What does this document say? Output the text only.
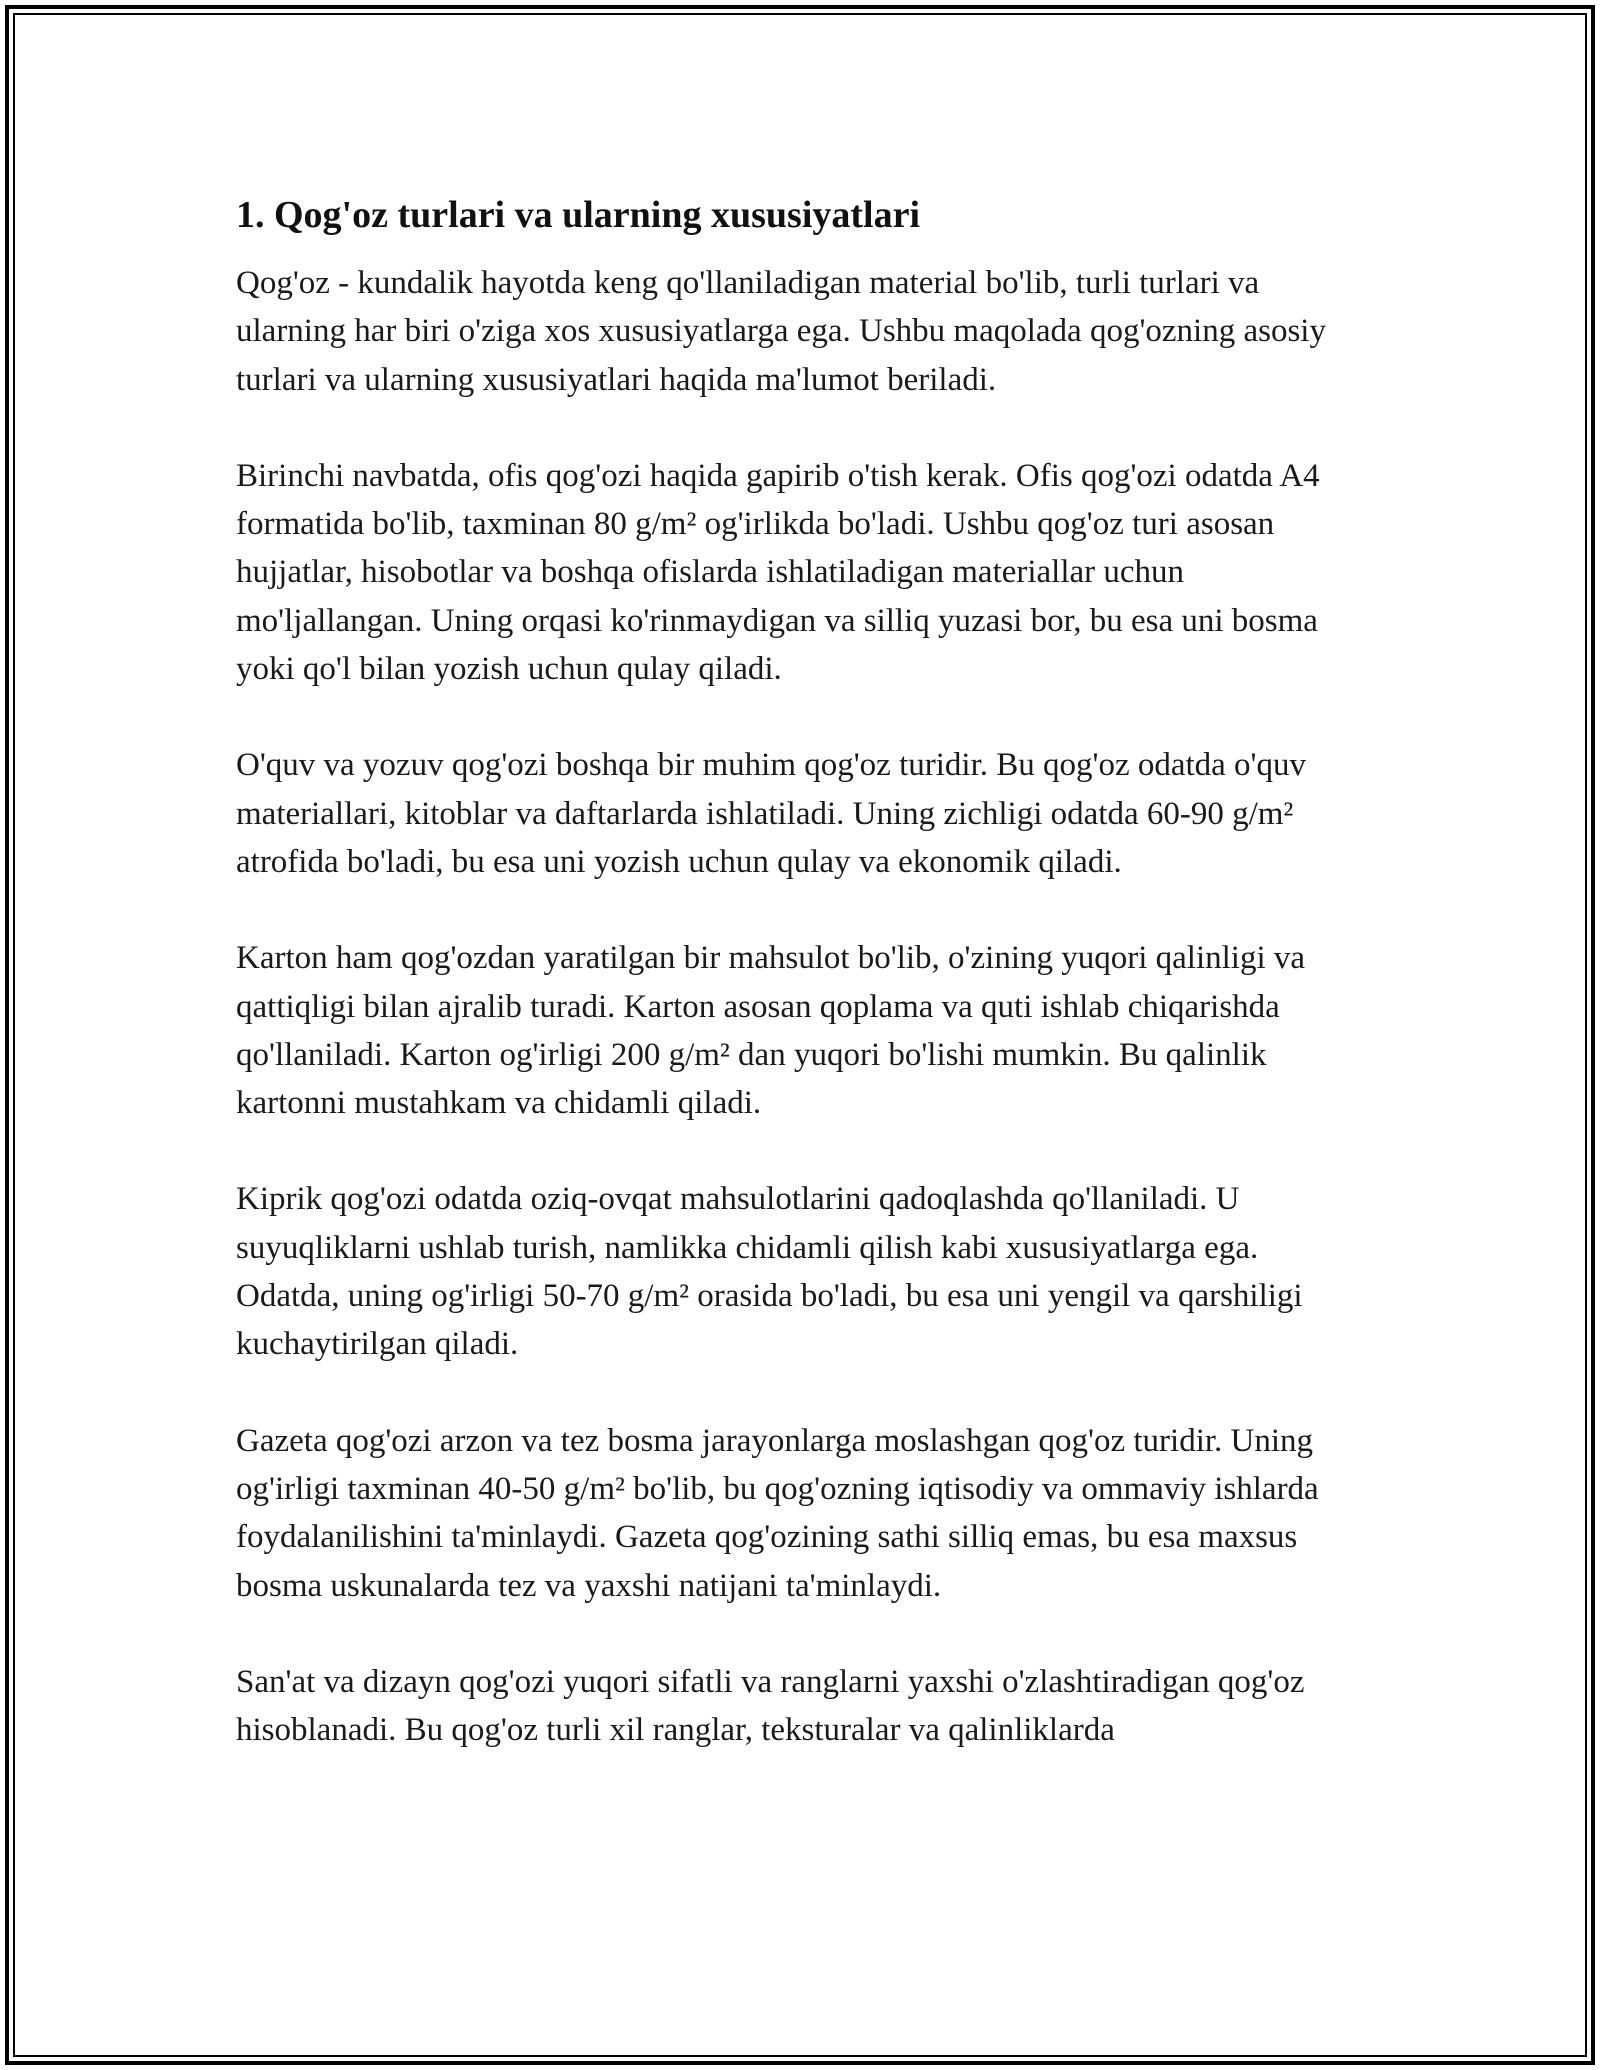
1. Qog'oz turlari va ularning xususiyatlari

Qog'oz - kundalik hayotda keng qo'llaniladigan material bo'lib, turli turlari va ularning har biri o'ziga xos xususiyatlarga ega. Ushbu maqolada qog'ozning asosiy turlari va ularning xususiyatlari haqida ma'lumot beriladi.

Birinchi navbatda, ofis qog'ozi haqida gapirib o'tish kerak. Ofis qog'ozi odatda A4 formatida bo'lib, taxminan 80 g/m² og'irlikda bo'ladi. Ushbu qog'oz turi asosan hujjatlar, hisobotlar va boshqa ofislarda ishlatiladigan materiallar uchun mo'ljallangan. Uning orqasi ko'rinmaydigan va silliq yuzasi bor, bu esa uni bosma yoki qo'l bilan yozish uchun qulay qiladi.

O'quv va yozuv qog'ozi boshqa bir muhim qog'oz turidir. Bu qog'oz odatda o'quv materiallari, kitoblar va daftarlarda ishlatiladi. Uning zichligi odatda 60-90 g/m² atrofida bo'ladi, bu esa uni yozish uchun qulay va ekonomik qiladi.

Karton ham qog'ozdan yaratilgan bir mahsulot bo'lib, o'zining yuqori qalinligi va qattiqligi bilan ajralib turadi. Karton asosan qoplama va quti ishlab chiqarishda qo'llaniladi. Karton og'irligi 200 g/m² dan yuqori bo'lishi mumkin. Bu qalinlik kartonni mustahkam va chidamli qiladi.

Kiprik qog'ozi odatda oziq-ovqat mahsulotlarini qadoqlashda qo'llaniladi. U suyuqliklarni ushlab turish, namlikka chidamli qilish kabi xususiyatlarga ega. Odatda, uning og'irligi 50-70 g/m² orasida bo'ladi, bu esa uni yengil va qarshiligi kuchaytirilgan qiladi.

Gazeta qog'ozi arzon va tez bosma jarayonlarga moslashgan qog'oz turidir. Uning og'irligi taxminan 40-50 g/m² bo'lib, bu qog'ozning iqtisodiy va ommaviy ishlarda foydalanilishini ta'minlaydi. Gazeta qog'ozining sathi silliq emas, bu esa maxsus bosma uskunalarda tez va yaxshi natijani ta'minlaydi.

San'at va dizayn qog'ozi yuqori sifatli va ranglarni yaxshi o'zlashtiradigan qog'oz hisoblanadi. Bu qog'oz turli xil ranglar, teksturalar va qalinliklarda
